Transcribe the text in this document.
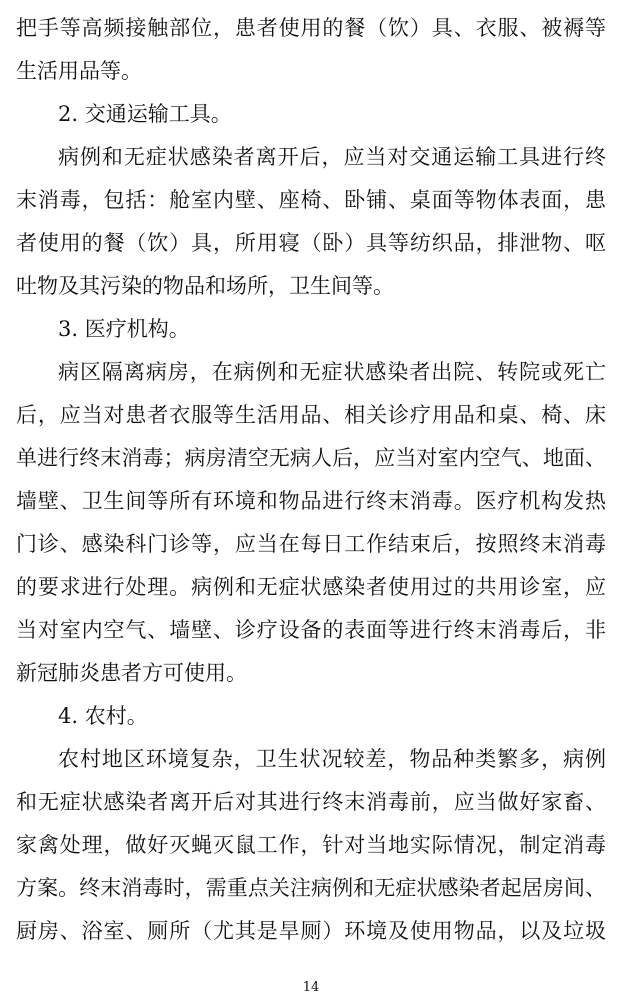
把手等高频接触部位，患者使用的餐（饮）具、衣服、被褥等
生活用品等。
2. 交通运输工具。
病例和无症状感染者离开后，应当对交通运输工具进行终
末消毒，包括：舱室内壁、座椅、卧铺、桌面等物体表面，患
者使用的餐（饮）具，所用寝（卧）具等纺织品，排泄物、呕
吐物及其污染的物品和场所，卫生间等。
3. 医疗机构。
病区隔离病房，在病例和无症状感染者出院、转院或死亡
后，应当对患者衣服等生活用品、相关诊疗用品和桌、椅、床
单进行终末消毒；病房清空无病人后，应当对室内空气、地面、
墙壁、卫生间等所有环境和物品进行终末消毒。医疗机构发热
门诊、感染科门诊等，应当在每日工作结束后，按照终末消毒
的要求进行处理。病例和无症状感染者使用过的共用诊室，应
当对室内空气、墙壁、诊疗设备的表面等进行终末消毒后，非
新冠肺炎患者方可使用。
4. 农村。
农村地区环境复杂，卫生状况较差，物品种类繁多，病例
和无症状感染者离开后对其进行终末消毒前，应当做好家畜、
家禽处理，做好灭蝇灭鼠工作，针对当地实际情况，制定消毒
方案。终末消毒时，需重点关注病例和无症状感染者起居房间、
厨房、浴室、厕所（尤其是旱厕）环境及使用物品，以及垃圾
14
